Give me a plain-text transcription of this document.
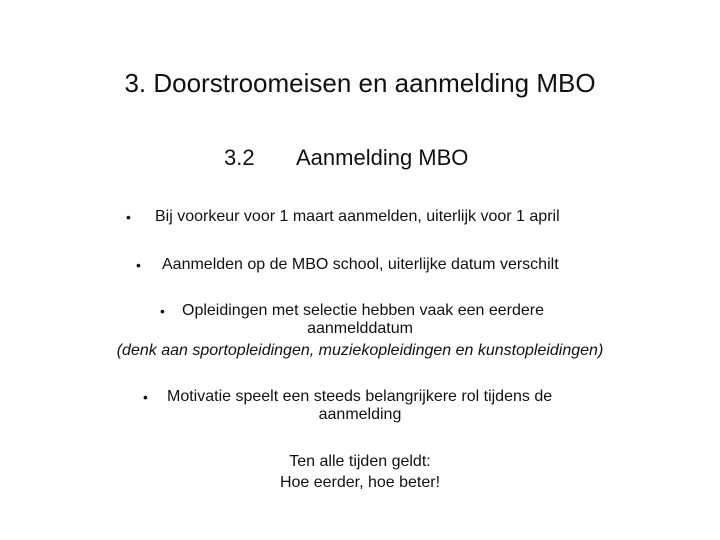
3. Doorstroomeisen en aanmelding MBO
3.2 Aanmelding MBO
• Bij voorkeur voor 1 maart aanmelden, uiterlijk voor 1 april
• Aanmelden op de MBO school, uiterlijke datum verschilt
• Opleidingen met selectie hebben vaak een eerdere
aanmelddatum
(denk aan sportopleidingen, muziekopleidingen en kunstopleidingen)
• Motivatie speelt een steeds belangrijkere rol tijdens de
aanmelding
Ten alle tijden geldt:
Hoe eerder, hoe beter!
